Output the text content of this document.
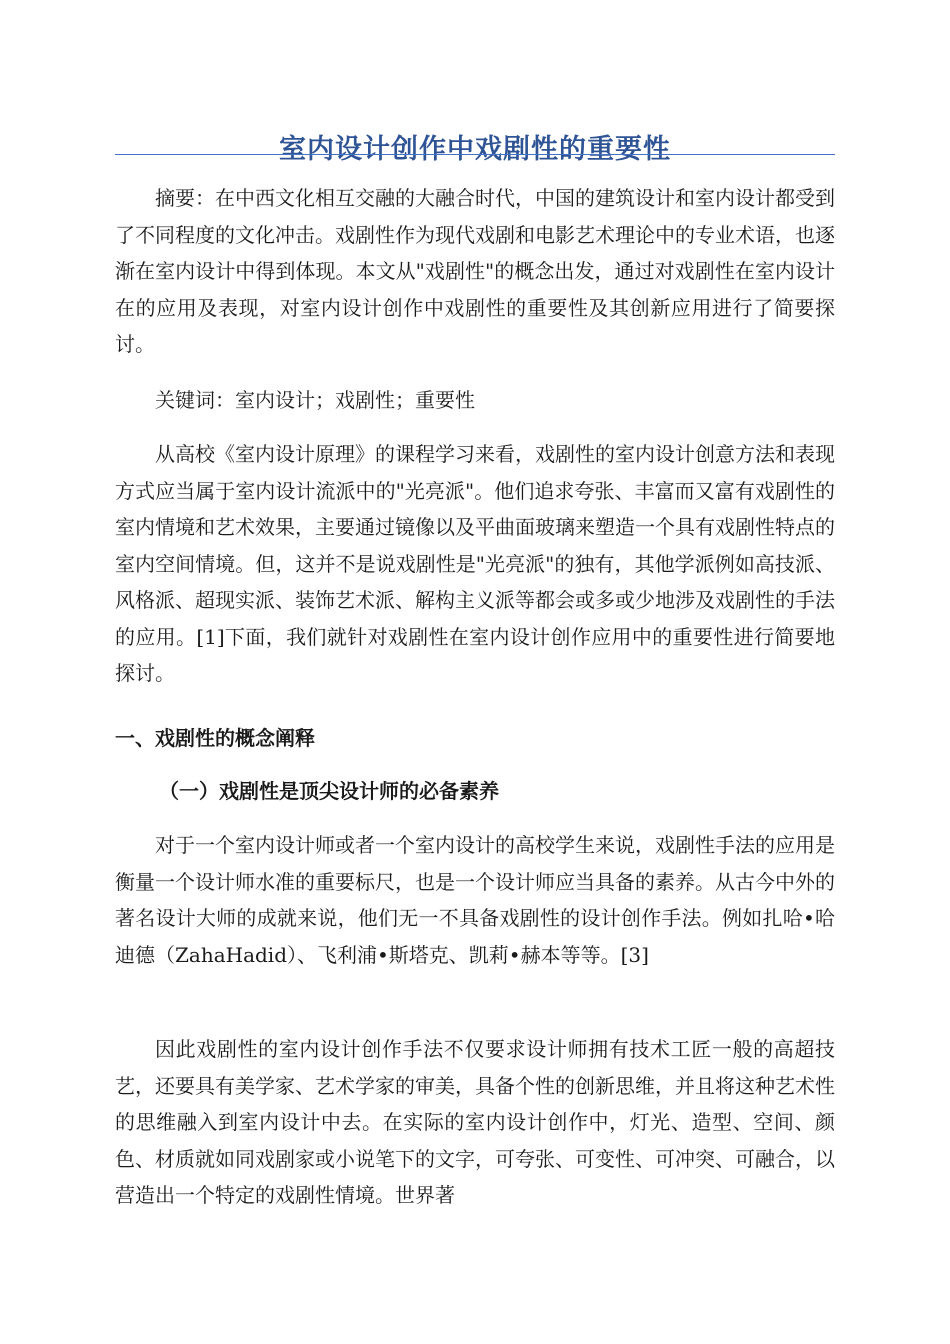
室内设计创作中戏剧性的重要性

摘要：在中西文化相互交融的大融合时代，中国的建筑设计和室内设计都受到了不同程度的文化冲击。戏剧性作为现代戏剧和电影艺术理论中的专业术语，也逐渐在室内设计中得到体现。本文从"戏剧性"的概念出发，通过对戏剧性在室内设计在的应用及表现，对室内设计创作中戏剧性的重要性及其创新应用进行了简要探讨。

关键词：室内设计；戏剧性；重要性

从高校《室内设计原理》的课程学习来看，戏剧性的室内设计创意方法和表现方式应当属于室内设计流派中的"光亮派"。他们追求夸张、丰富而又富有戏剧性的室内情境和艺术效果，主要通过镜像以及平曲面玻璃来塑造一个具有戏剧性特点的室内空间情境。但，这并不是说戏剧性是"光亮派"的独有，其他学派例如高技派、风格派、超现实派、装饰艺术派、解构主义派等都会或多或少地涉及戏剧性的手法的应用。[1]下面，我们就针对戏剧性在室内设计创作应用中的重要性进行简要地探讨。

一、戏剧性的概念阐释
（一）戏剧性是顶尖设计师的必备素养

对于一个室内设计师或者一个室内设计的高校学生来说，戏剧性手法的应用是衡量一个设计师水准的重要标尺，也是一个设计师应当具备的素养。从古今中外的著名设计大师的成就来说，他们无一不具备戏剧性的设计创作手法。例如扎哈•哈迪德（ZahaHadid）、飞利浦•斯塔克、凯莉•赫本等等。[3]

因此戏剧性的室内设计创作手法不仅要求设计师拥有技术工匠一般的高超技艺，还要具有美学家、艺术学家的审美，具备个性的创新思维，并且将这种艺术性的思维融入到室内设计中去。在实际的室内设计创作中，灯光、造型、空间、颜色、材质就如同戏剧家或小说笔下的文字，可夸张、可变性、可冲突、可融合，以营造出一个特定的戏剧性情境。世界著
